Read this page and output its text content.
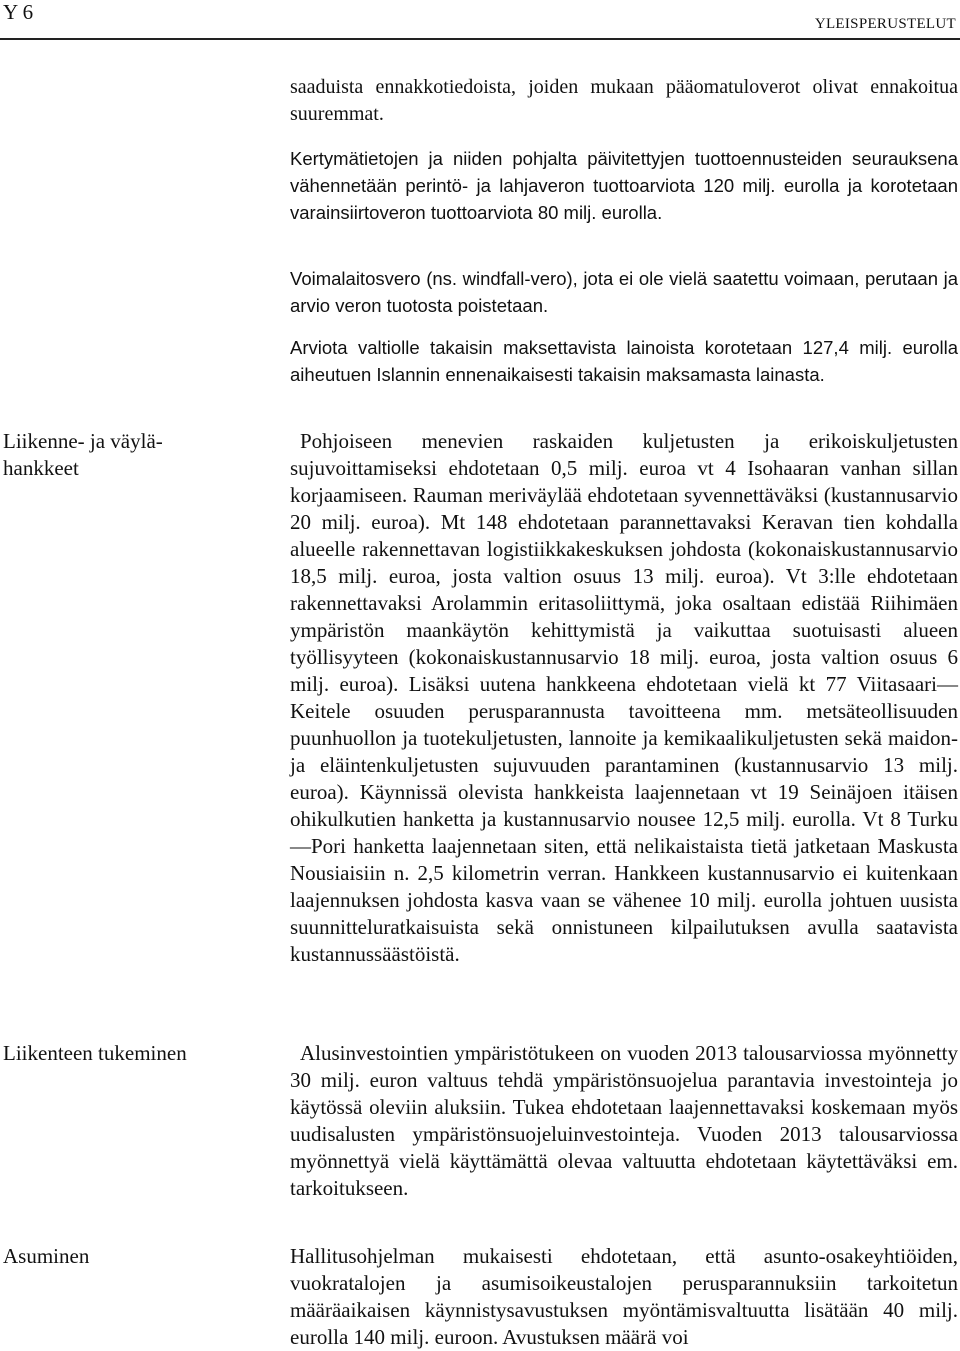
Y 6	YLEISPERUSTELUT
Liikenne- ja väylä-
hankkeet
Liikenteen tukeminen
Asuminen
saaduista ennakkotiedoista, joiden mukaan pääomatuloverot olivat ennakoitua suuremmat.
Kertymätietojen ja niiden pohjalta päivitettyjen tuottoennusteiden seurauksena vähennetään perintö- ja lahjaveron tuottoarviota 120 milj. eurolla ja korotetaan varainsiirtoveron tuottoarviota 80 milj. eurolla.
Voimalaitosvero (ns. windfall-vero), jota ei ole vielä saatettu voimaan, perutaan ja arvio veron tuotosta poistetaan.
Arviota valtiolle takaisin maksettavista lainoista korotetaan 127,4 milj. eurolla aiheutuen Islannin ennenaikaisesti takaisin maksamasta lainasta.
Pohjoiseen menevien raskaiden kuljetusten ja erikoiskuljetusten sujuvoittamiseksi ehdotetaan 0,5 milj. euroa vt 4 Isohaaran vanhan sillan korjaamiseen. Rauman meriväylää ehdotetaan syvennettäväksi (kustannusarvio 20 milj. euroa). Mt 148 ehdotetaan parannettavaksi Keravan tien kohdalla alueelle rakennettavan logistiikkakeskuksen johdosta (kokonaiskustannusarvio 18,5 milj. euroa, josta valtion osuus 13 milj. euroa). Vt 3:lle ehdotetaan rakennettavaksi Arolammin eritasoliittymä, joka osaltaan edistää Riihimäen ympäristön maankäytön kehittymistä ja vaikuttaa suotuisasti alueen työllisyyteen (kokonaiskustannusarvio 18 milj. euroa, josta valtion osuus 6 milj. euroa). Lisäksi uutena hankkeena ehdotetaan vielä kt 77 Viitasaari—Keitele osuuden perusparannusta tavoitteena mm. metsäteollisuuden puunhuollon ja tuotekuljetusten, lannoite ja kemikaalikuljetusten sekä maidon- ja eläintenkuljetusten sujuvuuden parantaminen (kustannusarvio 13 milj. euroa). Käynnissä olevista hankkeista laajennetaan vt 19 Seinäjoen itäisen ohikulkutien hanketta ja kustannusarvio nousee 12,5 milj. eurolla. Vt 8 Turku—Pori hanketta laajennetaan siten, että nelikaistaista tietä jatketaan Maskusta Nousiaisiin n. 2,5 kilometrin verran. Hankkeen kustannusarvio ei kuitenkaan laajennuksen johdosta kasva vaan se vähenee 10 milj. eurolla johtuen uusista suunnitteluratkaisuista sekä onnistuneen kilpailutuksen avulla saatavista kustannussäästöistä.
Alusinvestointien ympäristötukeen on vuoden 2013 talousarviossa myönnetty 30 milj. euron valtuus tehdä ympäristönsuojelua parantavia investointeja jo käytössä oleviin aluksiin. Tukea ehdotetaan laajennettavaksi koskemaan myös uudisalusten ympäristönsuojeluinvestointeja. Vuoden 2013 talousarviossa myönnettyä vielä käyttämättä olevaa valtuutta ehdotetaan käytettäväksi em. tarkoitukseen.
Hallitusohjelman mukaisesti ehdotetaan, että asunto-osakeyhtiöiden, vuokratalojen ja asumisoikeustalojen perusparannuksiin tarkoitetun määräaikaisen käynnistysavustuksen myöntämisvaltuutta lisätään 40 milj. eurolla 140 milj. euroon. Avustuksen määrä voi
